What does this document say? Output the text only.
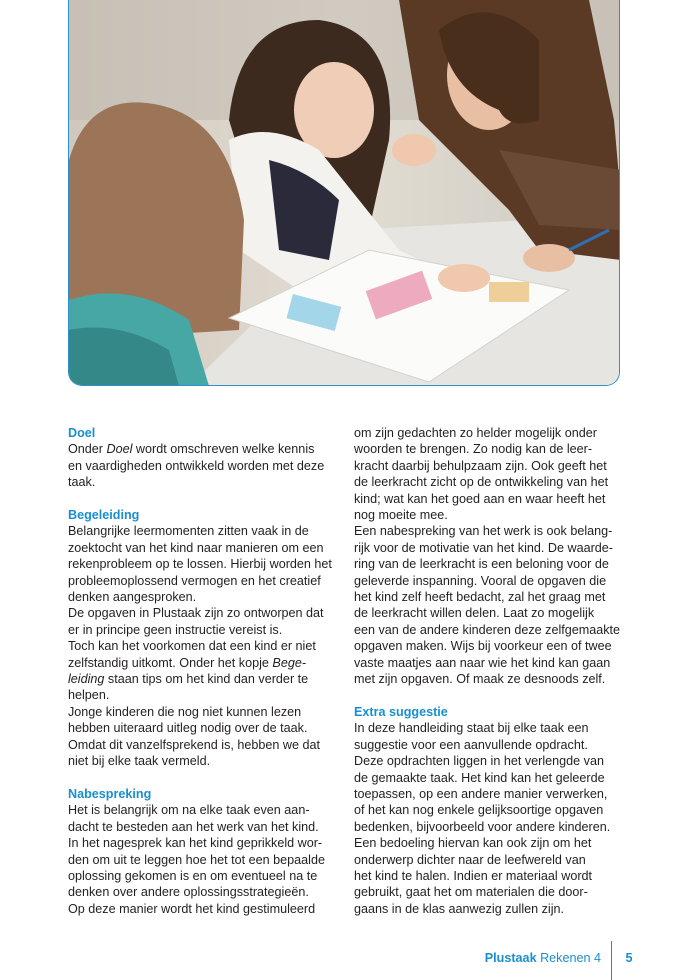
Doel

Onder Doel wordt omschreven welke kennis

en vaardigheden ontwikkeld worden met deze

taak.

Begeleiding

Belangrijke leermomenten zitten vaak in de

zoektocht van het kind naar manieren om een

rekenprobleem op te lossen. Hierbij worden het

probleemoplossend vermogen en het creatief

denken aangesproken.

De opgaven in Plustaak zijn zo ontworpen dat

er in principe geen instructie vereist is.

Toch kan het voorkomen dat een kind er niet

zelfstandig uitkomt. Onder het kopje Bege-

leiding staan tips om het kind dan verder te

helpen.

Jonge kinderen die nog niet kunnen lezen

hebben uiteraard uitleg nodig over de taak.

Omdat dit vanzelfsprekend is, hebben we dat

niet bij elke taak vermeld.

Nabespreking

Het is belangrijk om na elke taak even aan-

dacht te besteden aan het werk van het kind.

In het nagesprek kan het kind geprikkeld wor-

den om uit te leggen hoe het tot een bepaalde

oplossing gekomen is en om eventueel na te

denken over andere oplossingsstrategieën.

Op deze manier wordt het kind gestimuleerd

om zijn gedachten zo helder mogelijk onder

woorden te brengen. Zo nodig kan de leer-

kracht daarbij behulpzaam zijn. Ook geeft het

de leerkracht zicht op de ontwikkeling van het

kind; wat kan het goed aan en waar heeft het

nog moeite mee.

Een nabespreking van het werk is ook belang-

rijk voor de motivatie van het kind. De waarde-

ring van de leerkracht is een beloning voor de

geleverde inspanning. Vooral de opgaven die

het kind zelf heeft bedacht, zal het graag met

de leerkracht willen delen. Laat zo mogelijk

een van de andere kinderen deze zelfgemaakte

opgaven maken. Wijs bij voorkeur een of twee

vaste maatjes aan naar wie het kind kan gaan

met zijn opgaven. Of maak ze desnoods zelf.

Extra suggestie

In deze handleiding staat bij elke taak een

suggestie voor een aanvullende opdracht.

Deze opdrachten liggen in het verlengde van

de gemaakte taak. Het kind kan het geleerde

toepassen, op een andere manier verwerken,

of het kan nog enkele gelijksoortige opgaven

bedenken, bijvoorbeeld voor andere kinderen.

Een bedoeling hiervan kan ook zijn om het

onderwerp dichter naar de leefwereld van

het kind te halen. Indien er materiaal wordt

gebruikt, gaat het om materialen die door-

gaans in de klas aanwezig zullen zijn.

Plustaak Rekenen 4	5
